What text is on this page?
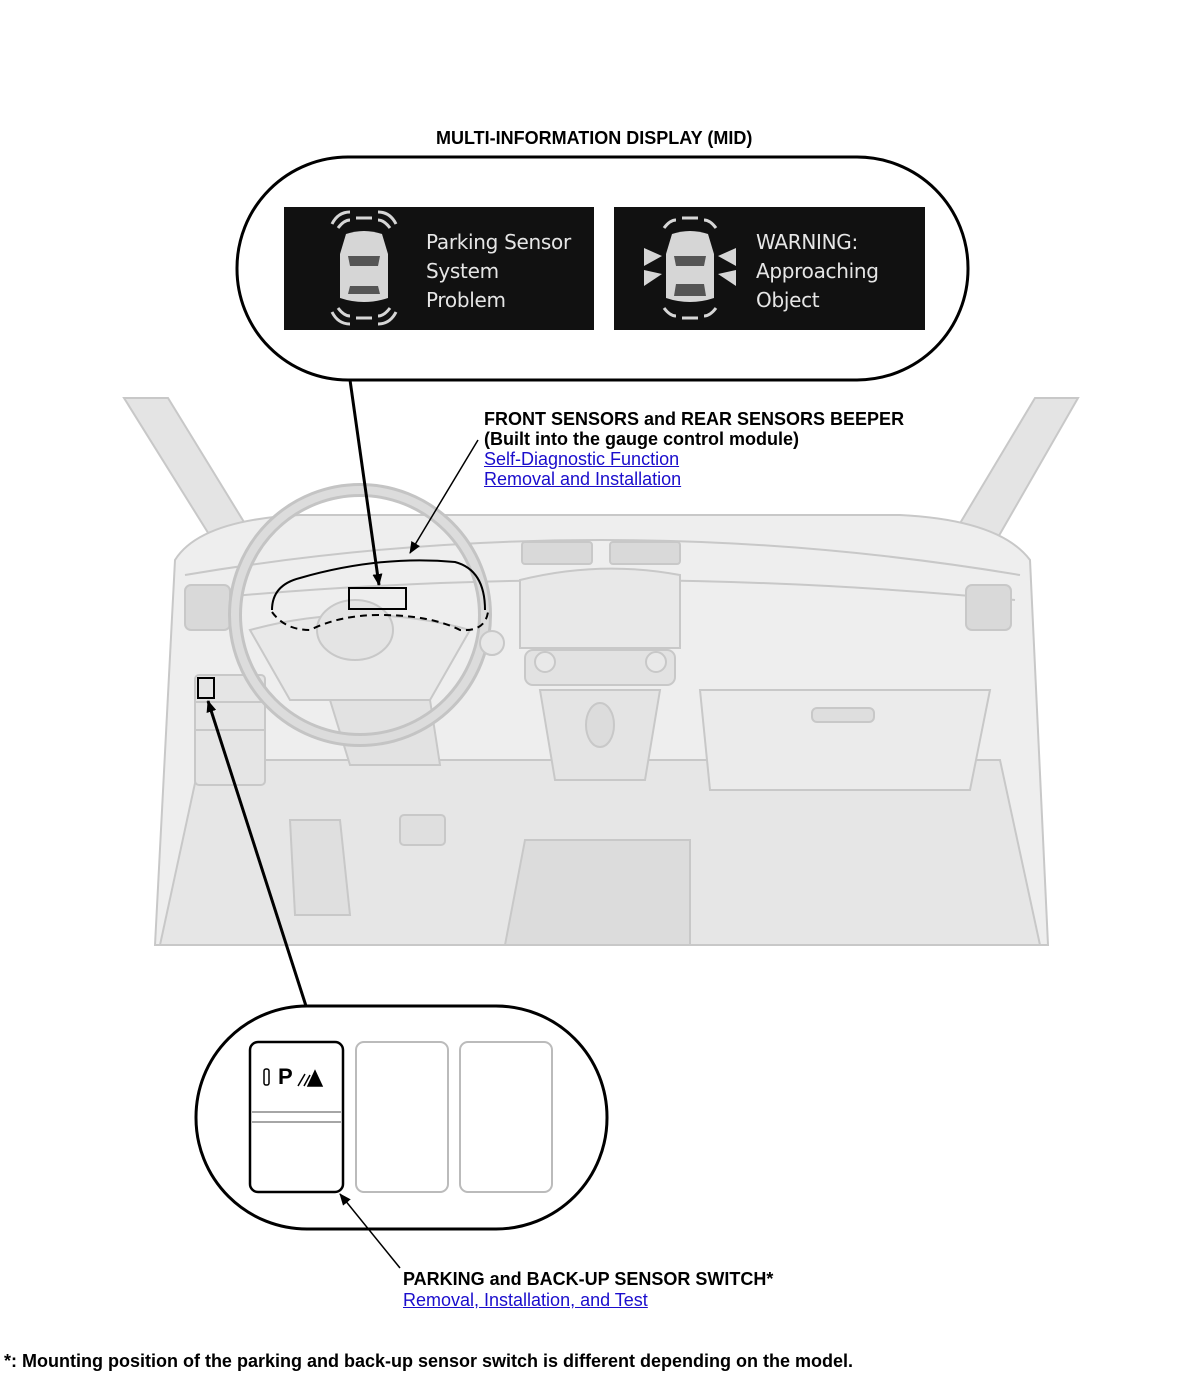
MULTI-INFORMATION DISPLAY (MID)
Parking Sensor
System
Problem
WARNING:
Approaching
Object
FRONT SENSORS and REAR SENSORS BEEPER
(Built into the gauge control module)
Self-Diagnostic Function
Removal and Installation
P
PARKING and BACK-UP SENSOR SWITCH*
Removal, Installation, and Test
*: Mounting position of the parking and back-up sensor switch is different depending on the model.
